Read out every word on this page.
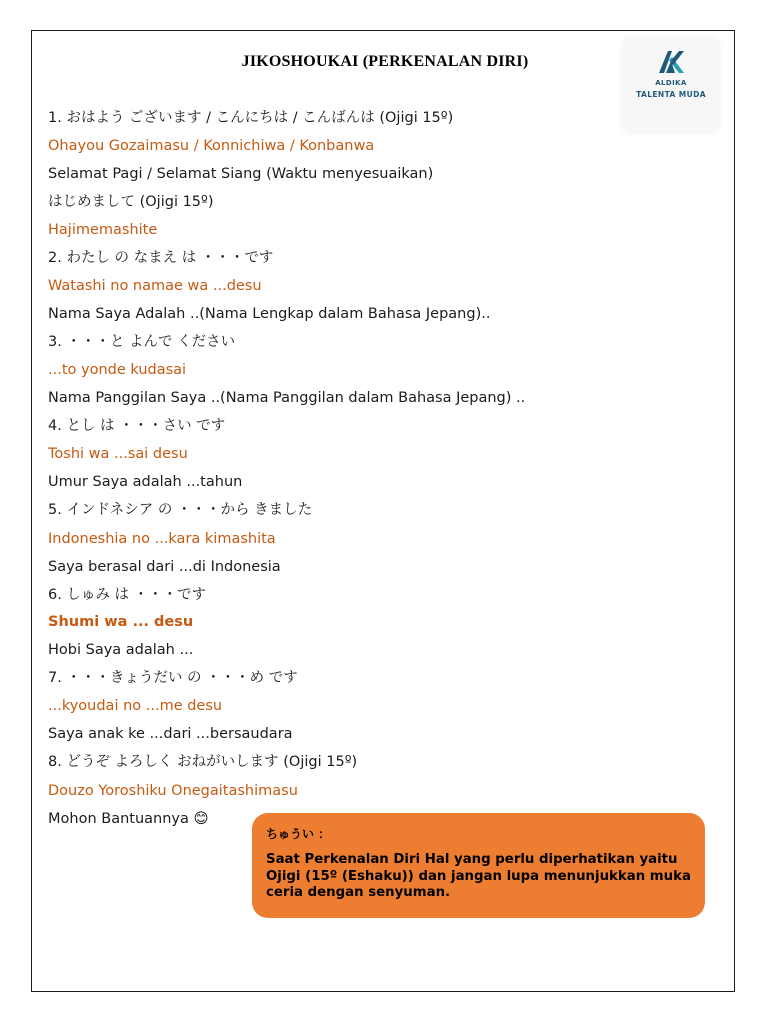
JIKOSHOUKAI (PERKENALAN DIRI)
ALDIKA
TALENTA MUDA
1. おはよう ございます / こんにちは / こんばんは (Ojigi 15º)
Ohayou Gozaimasu / Konnichiwa / Konbanwa
Selamat Pagi / Selamat Siang (Waktu menyesuaikan)
はじめまして (Ojigi 15º)
Hajimemashite
2. わたし の なまえ は ・・・です
Watashi no namae wa ...desu
Nama Saya Adalah ..(Nama Lengkap dalam Bahasa Jepang)..
3. ・・・と よんで ください
...to yonde kudasai
Nama Panggilan Saya ..(Nama Panggilan dalam Bahasa Jepang) ..
4. とし は ・・・さい です
Toshi wa ...sai desu
Umur Saya adalah ...tahun
5. インドネシア の ・・・から きました
Indoneshia no ...kara kimashita
Saya berasal dari ...di Indonesia
6. しゅみ は ・・・です
Shumi wa ... desu
Hobi Saya adalah ...
7. ・・・きょうだい の ・・・め です
...kyoudai no ...me desu
Saya anak ke ...dari ...bersaudara
8. どうぞ よろしく おねがいします (Ojigi 15º)
Douzo Yoroshiku Onegaitashimasu
Mohon Bantuannya 😊
ちゅうい ：
Saat Perkenalan Diri Hal yang perlu diperhatikan yaitu Ojigi (15º (Eshaku)) dan jangan lupa menunjukkan muka ceria dengan senyuman.
